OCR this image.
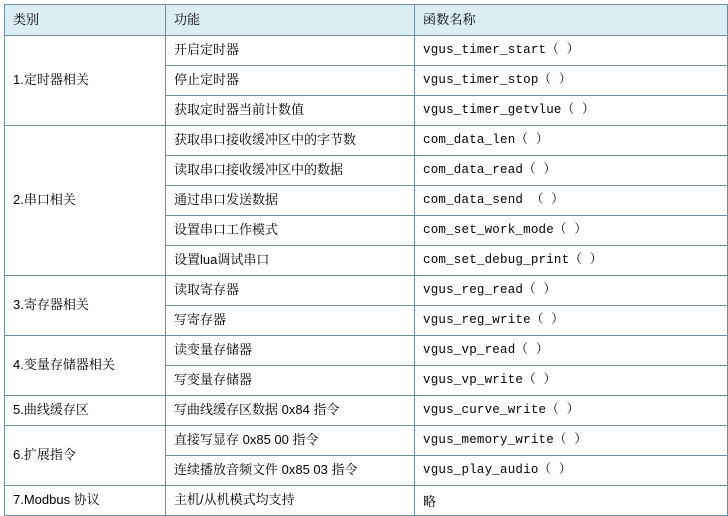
类别	功能	函数名称

1.定时器相关	开启定时器	vgus_timer_start（ ）

	停止定时器	vgus_timer_stop（ ）

	获取定时器当前计数值	vgus_timer_getvlue（ ）

2.串口相关	获取串口接收缓冲区中的字节数	com_data_len（ ）

	读取串口接收缓冲区中的数据	com_data_read（ ）

	通过串口发送数据	com_data_send （ ）

	设置串口工作模式	com_set_work_mode（ ）

	设置lua调试串口	com_set_debug_print（ ）

3.寄存器相关	读取寄存器	vgus_reg_read（ ）

	写寄存器	vgus_reg_write（ ）

4.变量存储器相关	读变量存储器	vgus_vp_read（ ）

	写变量存储器	vgus_vp_write（ ）

5.曲线缓存区	写曲线缓存区数据 0x84 指令	vgus_curve_write（ ）

6.扩展指令	直接写显存 0x85 00 指令	vgus_memory_write（ ）

	连续播放音频文件 0x85 03 指令	vgus_play_audio（ ）

7.Modbus 协议	主机/从机模式均支持	略
